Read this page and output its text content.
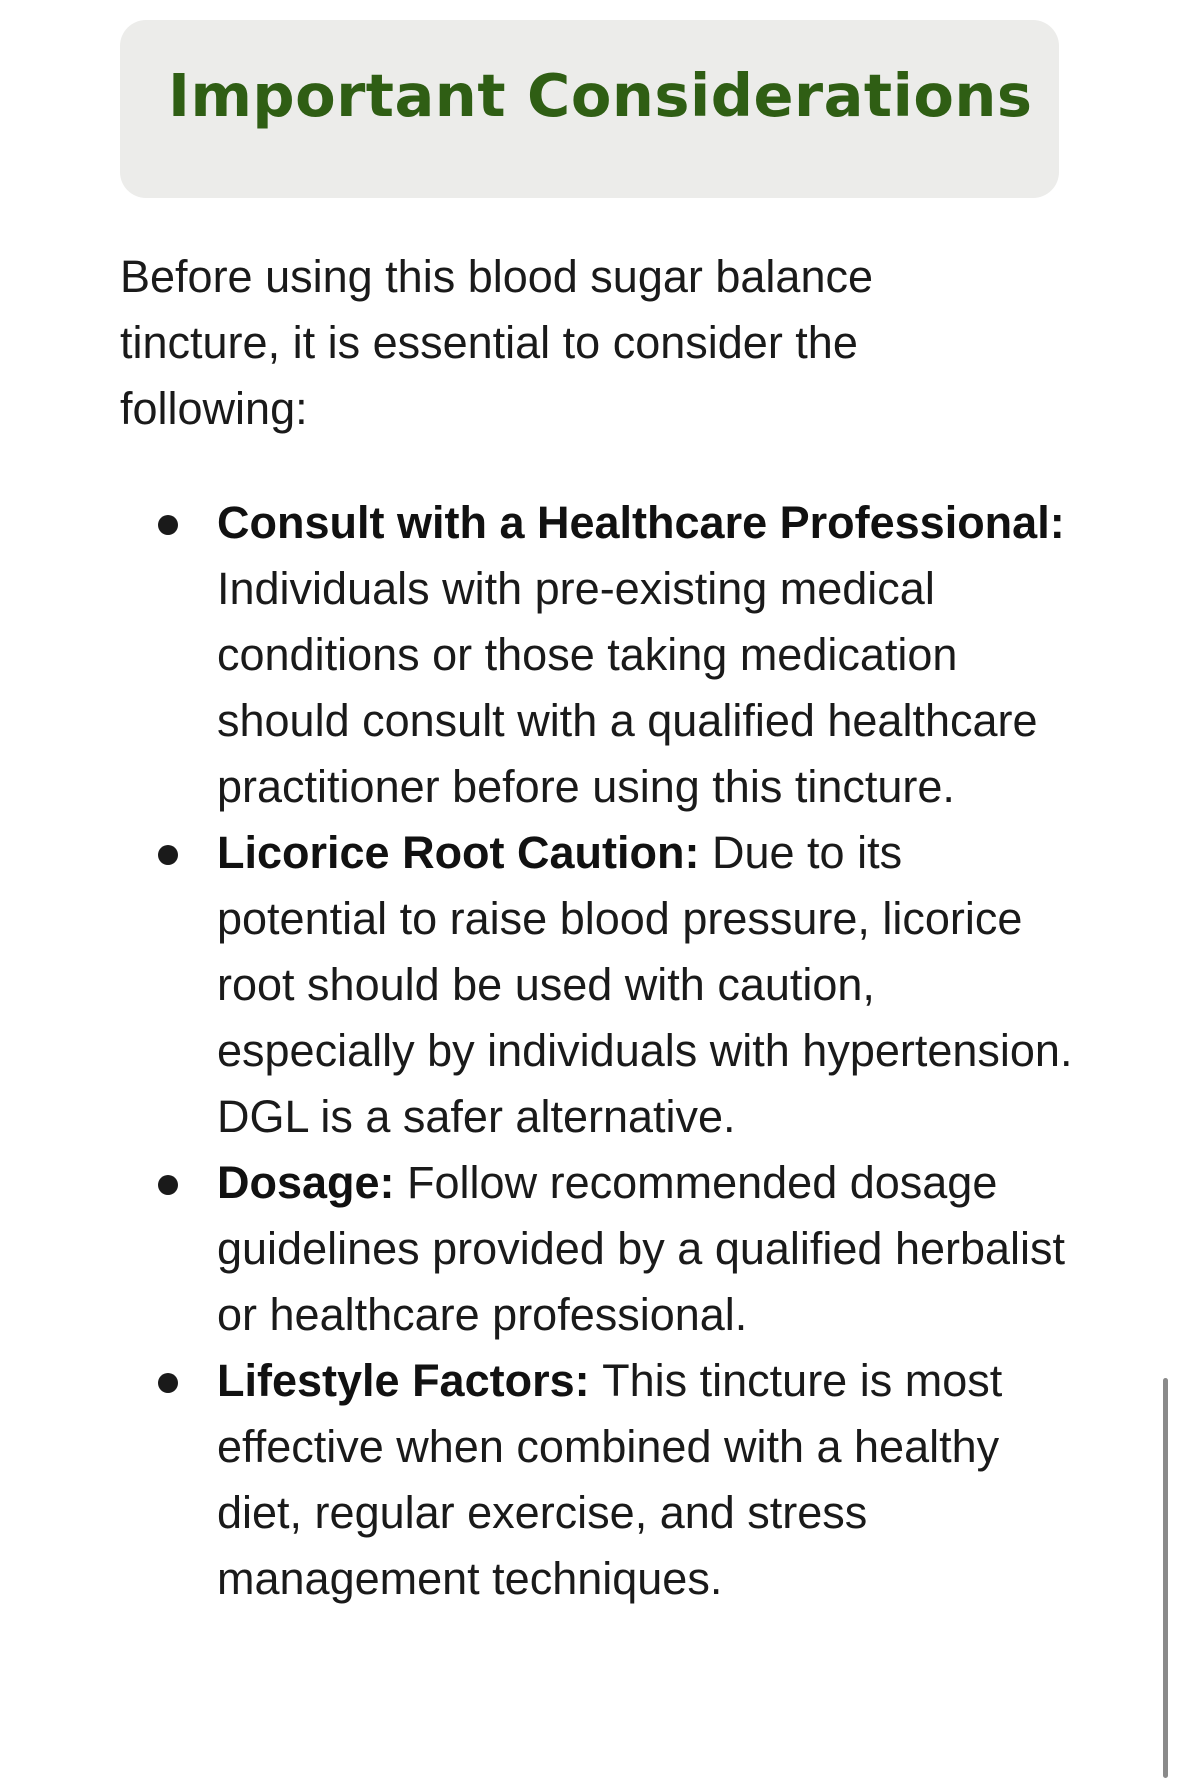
Important Considerations

Before using this blood sugar balance tincture, it is essential to consider the following:

Consult with a Healthcare Professional: Individuals with pre-existing medical conditions or those taking medication should consult with a qualified healthcare practitioner before using this tincture.
Licorice Root Caution: Due to its potential to raise blood pressure, licorice root should be used with caution, especially by individuals with hypertension. DGL is a safer alternative.
Dosage: Follow recommended dosage guidelines provided by a qualified herbalist or healthcare professional.
Lifestyle Factors: This tincture is most effective when combined with a healthy diet, regular exercise, and stress management techniques.
